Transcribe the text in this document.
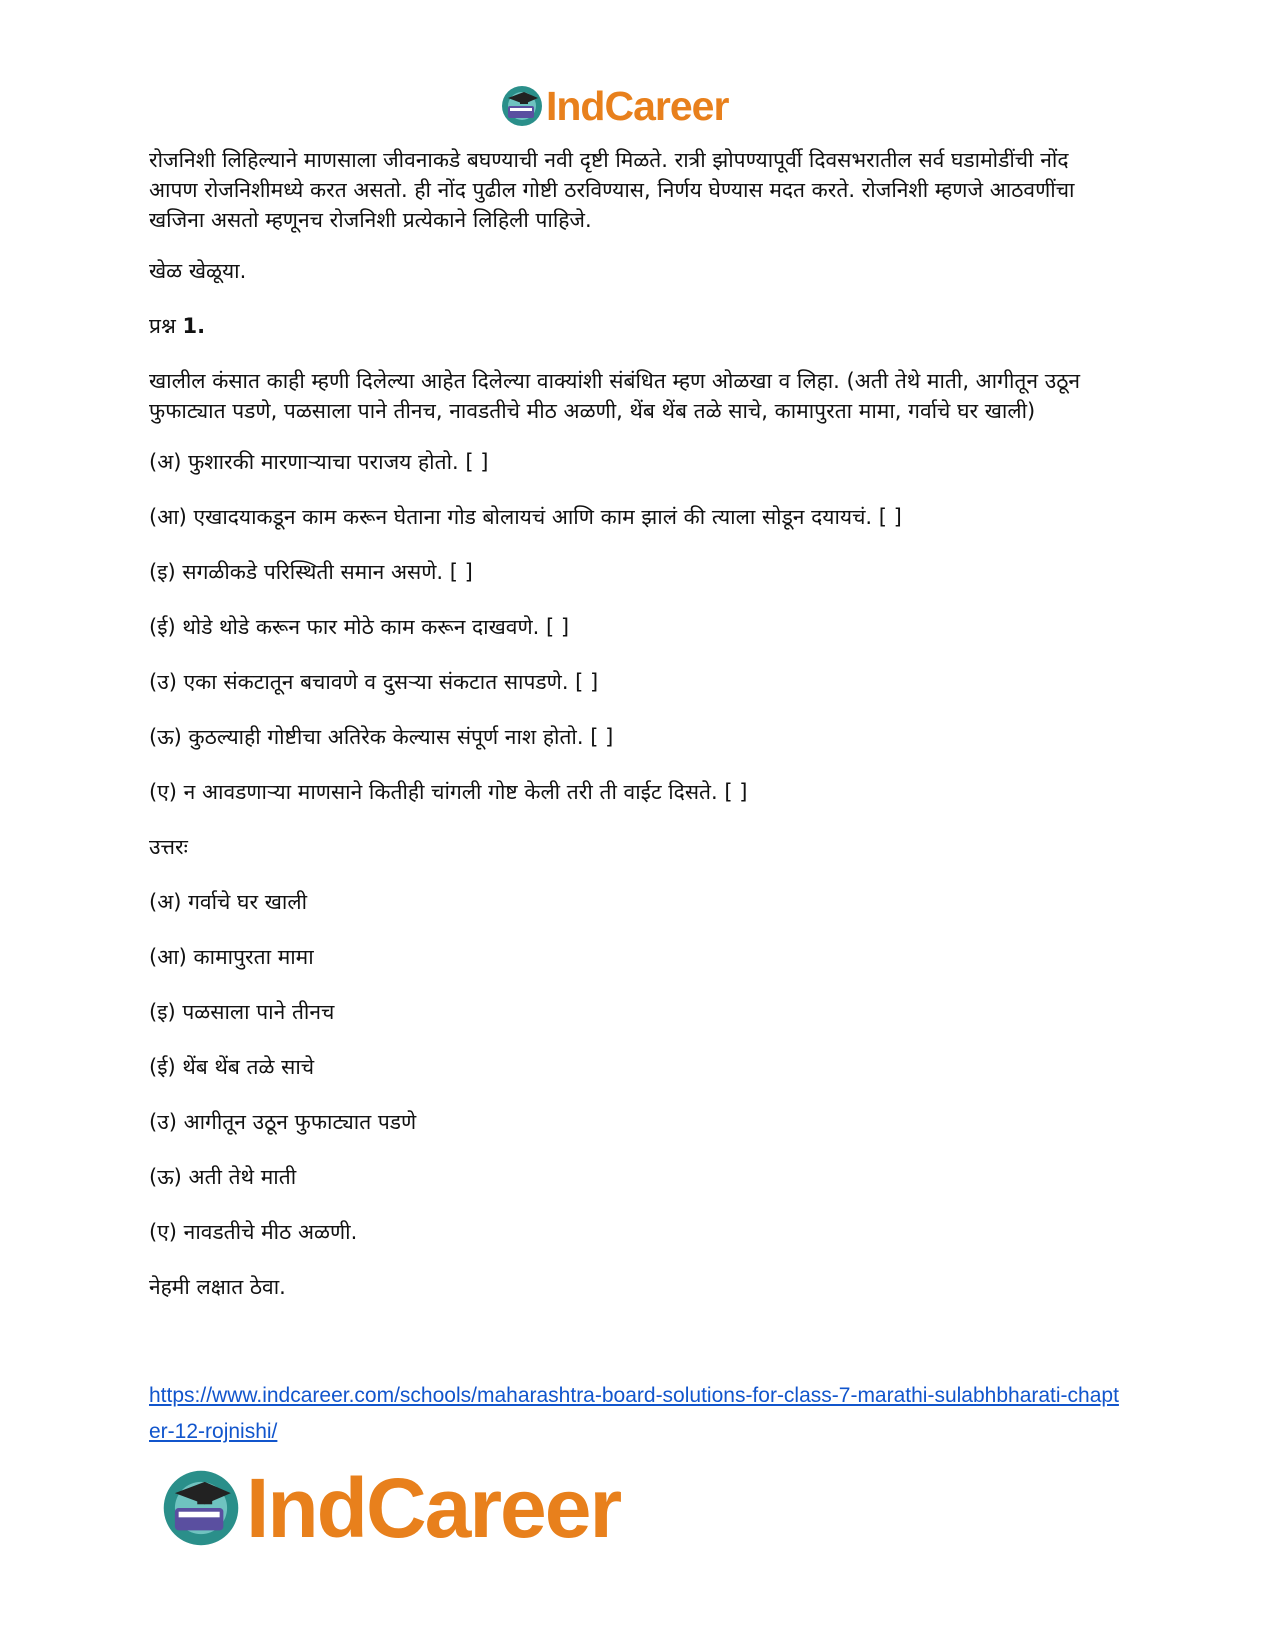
IndCareer

रोजनिशी लिहिल्याने माणसाला जीवनाकडे बघण्याची नवी दृष्टी मिळते. रात्री झोपण्यापूर्वी दिवसभरातील सर्व घडामोडींची नोंद आपण रोजनिशीमध्ये करत असतो. ही नोंद पुढील गोष्टी ठरविण्यास, निर्णय घेण्यास मदत करते. रोजनिशी म्हणजे आठवणींचा खजिना असतो म्हणूनच रोजनिशी प्रत्येकाने लिहिली पाहिजे.

खेळ खेळूया.

प्रश्न 1.

खालील कंसात काही म्हणी दिलेल्या आहेत दिलेल्या वाक्यांशी संबंधित म्हण ओळखा व लिहा. (अती तेथे माती, आगीतून उठून फुफाट्यात पडणे, पळसाला पाने तीनच, नावडतीचे मीठ अळणी, थेंब थेंब तळे साचे, कामापुरता मामा, गर्वाचे घर खाली)

(अ) फुशारकी मारणाऱ्याचा पराजय होतो. [ ]

(आ) एखादयाकडून काम करून घेताना गोड बोलायचं आणि काम झालं की त्याला सोडून दयायचं. [ ]

(इ) सगळीकडे परिस्थिती समान असणे. [ ]

(ई) थोडे थोडे करून फार मोठे काम करून दाखवणे. [ ]

(उ) एका संकटातून बचावणे व दुसऱ्या संकटात सापडणे. [ ]

(ऊ) कुठल्याही गोष्टीचा अतिरेक केल्यास संपूर्ण नाश होतो. [ ]

(ए) न आवडणाऱ्या माणसाने कितीही चांगली गोष्ट केली तरी ती वाईट दिसते. [ ]

उत्तरः

(अ) गर्वाचे घर खाली

(आ) कामापुरता मामा

(इ) पळसाला पाने तीनच

(ई) थेंब थेंब तळे साचे

(उ) आगीतून उठून फुफाट्यात पडणे

(ऊ) अती तेथे माती

(ए) नावडतीचे मीठ अळणी.

नेहमी लक्षात ठेवा.

https://www.indcareer.com/schools/maharashtra-board-solutions-for-class-7-marathi-sulabhbharati-chapter-12-rojnishi/
IndCareer
